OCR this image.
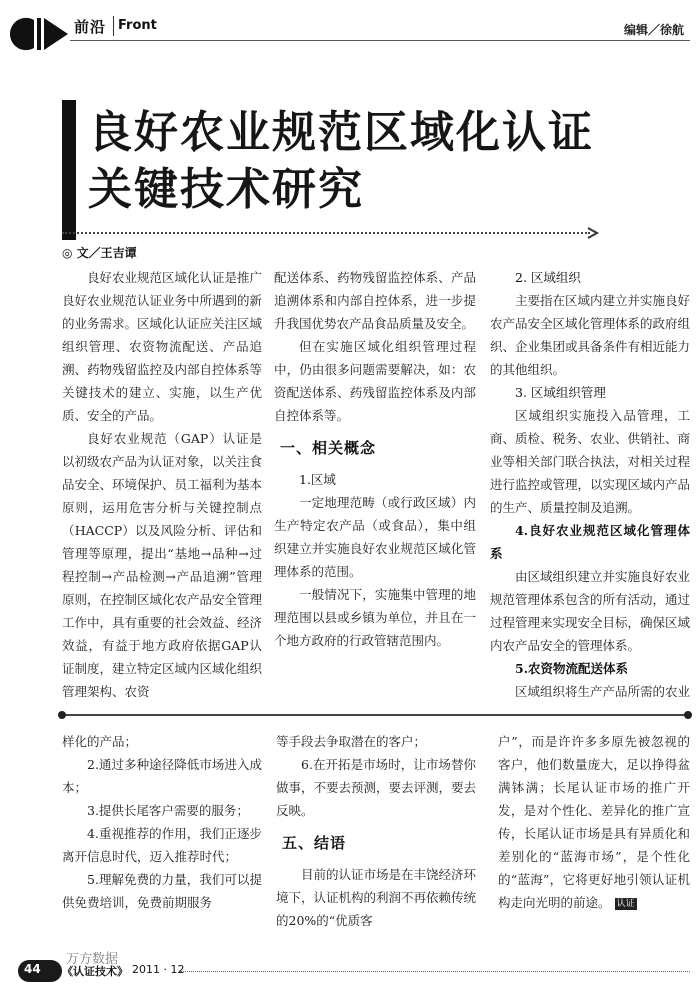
前沿 Front	编辑／徐航
良好农业规范区域化认证
关键技术研究
◎ 文／王吉谭

良好农业规范区域化认证是推广良好农业规范认证业务中所遇到的新的业务需求。区域化认证应关注区域组织管理、农资物流配送、产品追溯、药物残留监控及内部自控体系等关键技术的建立、实施，以生产优质、安全的产品。

良好农业规范（GAP）认证是以初级农产品为认证对象，以关注食品安全、环境保护、员工福利为基本原则，运用危害分析与关键控制点（HACCP）以及风险分析、评估和管理等原理，提出“基地→品种→过程控制→产品检测→产品追溯”管理原则，在控制区域化农产品安全管理工作中，具有重要的社会效益、经济效益，有益于地方政府依据GAP认证制度，建立特定区域内区域化组织管理架构、农资

配送体系、药物残留监控体系、产品追溯体系和内部自控体系，进一步提升我国优势农产品食品质量及安全。

但在实施区域化组织管理过程中，仍由很多问题需要解决，如：农资配送体系、药残留监控体系及内部自控体系等。

一、相关概念
1.区域

一定地理范畴（或行政区域）内生产特定农产品（或食品），集中组织建立并实施良好农业规范区域化管理体系的范围。

一般情况下，实施集中管理的地理范围以县或乡镇为单位，并且在一个地方政府的行政管辖范围内。

2. 区域组织

主要指在区域内建立并实施良好农产品安全区域化管理体系的政府组织、企业集团或具备条件有相近能力的其他组织。

3. 区域组织管理

区域组织实施投入品管理，工商、质检、税务、农业、供销社、商业等相关部门联合执法，对相关过程进行监控或管理，以实现区域内产品的生产、质量控制及追溯。

4.良好农业规范区域化管理体系

由区域组织建立并实施良好农业规范管理体系包含的所有活动，通过过程管理来实现安全目标，确保区域内农产品安全的管理体系。

5.农资物流配送体系

区域组织将生产产品所需的农业

样化的产品；

2.通过多种途径降低市场进入成本；

3.提供长尾客户需要的服务；

4.重视推荐的作用，我们正逐步离开信息时代，迈入推荐时代；

5.理解免费的力量，我们可以提供免费培训，免费前期服务

等手段去争取潜在的客户；

6.在开拓是市场时，让市场替你做事，不要去预测，要去评测，要去反映。

五、结语

目前的认证市场是在丰饶经济环境下，认证机构的利润不再依赖传统的20%的“优质客

户”，而是许许多多原先被忽视的客户，他们数量庞大，足以挣得盆满钵满；长尾认证市场的推广开发，是对个性化、差异化的推广宣传，长尾认证市场是具有异质化和差别化的“蓝海市场”，是个性化的“蓝海”，它将更好地引领认证机构走向光明的前途。 认证

44
万方数据
《认证技术》 2011 · 12
